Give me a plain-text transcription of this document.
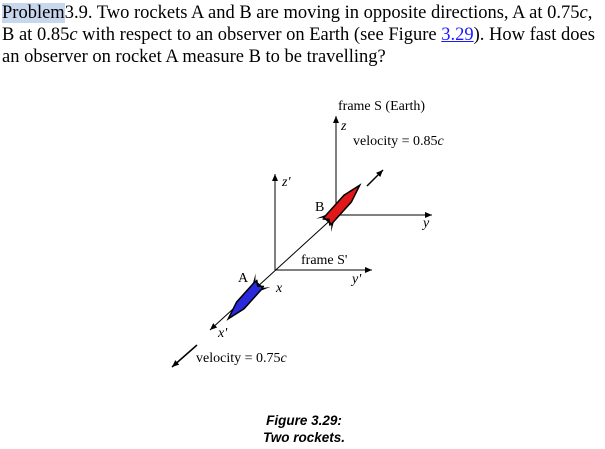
Problem3.9. Two rockets A and B are moving in opposite directions, A at 0.75c, B at 0.85c with respect to an observer on Earth (see Figure 3.29). How fast does an observer on rocket A measure B to be travelling?
frame S (Earth)
z
velocity = 0.85c
y
z'
B
frame S'
y'
A
x
x'
velocity = 0.75c
Figure 3.29:
Two rockets.
